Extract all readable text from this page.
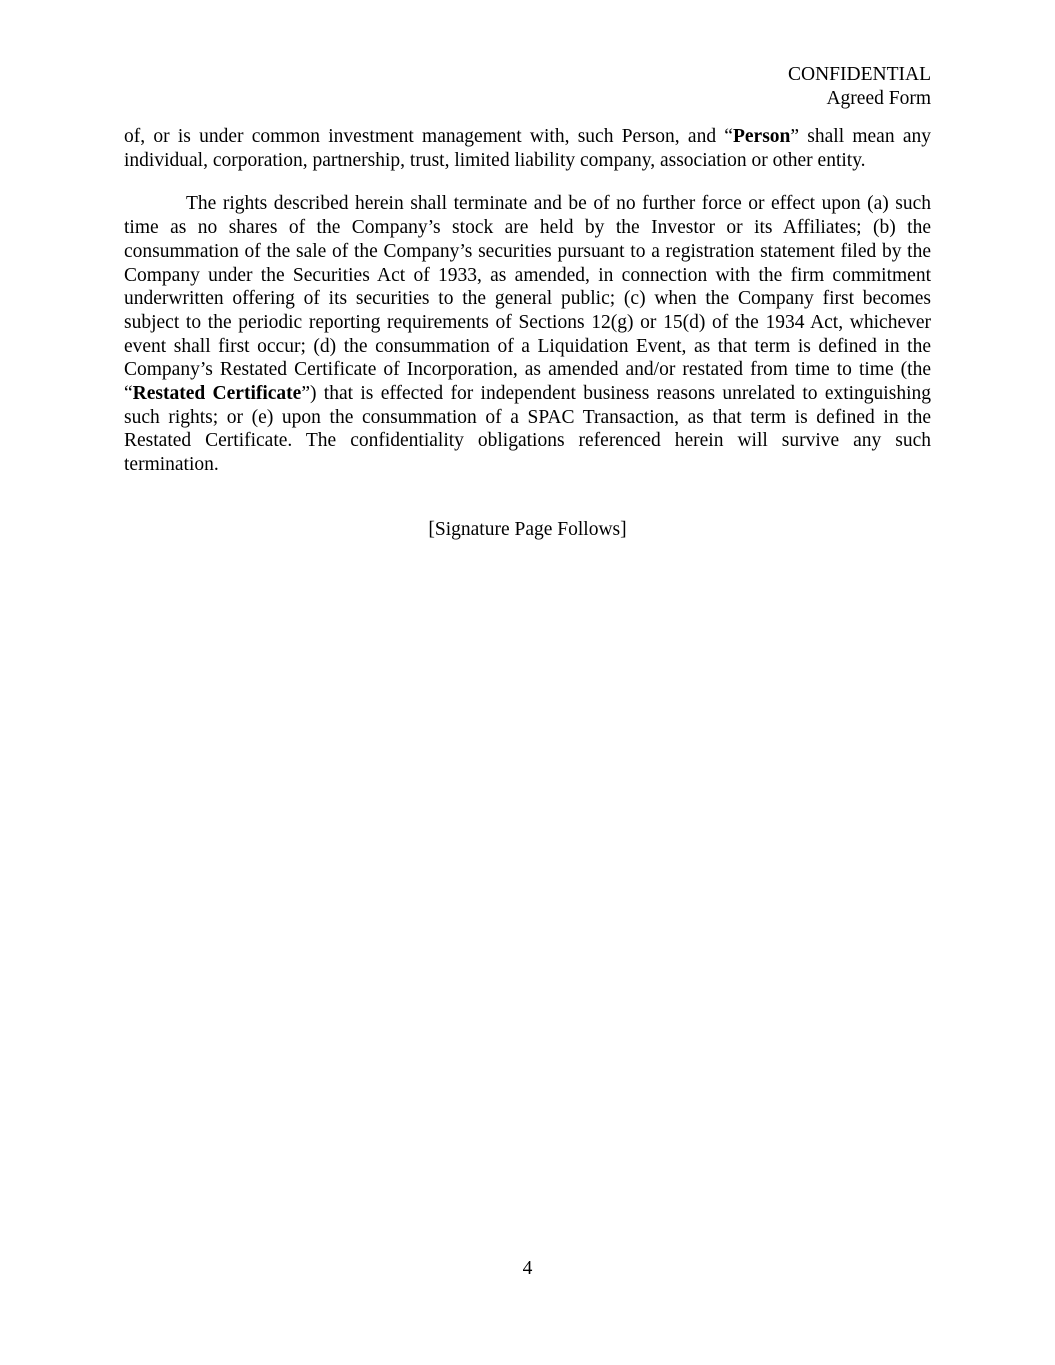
CONFIDENTIAL
Agreed Form

of, or is under common investment management with, such Person, and “Person” shall mean any individual, corporation, partnership, trust, limited liability company, association or other entity.

The rights described herein shall terminate and be of no further force or effect upon (a) such time as no shares of the Company’s stock are held by the Investor or its Affiliates; (b) the consummation of the sale of the Company’s securities pursuant to a registration statement filed by the Company under the Securities Act of 1933, as amended, in connection with the firm commitment underwritten offering of its securities to the general public; (c) when the Company first becomes subject to the periodic reporting requirements of Sections 12(g) or 15(d) of the 1934 Act, whichever event shall first occur; (d) the consummation of a Liquidation Event, as that term is defined in the Company’s Restated Certificate of Incorporation, as amended and/or restated from time to time (the “Restated Certificate”) that is effected for independent business reasons unrelated to extinguishing such rights; or (e) upon the consummation of a SPAC Transaction, as that term is defined in the Restated Certificate. The confidentiality obligations referenced herein will survive any such termination.

[Signature Page Follows]
4
